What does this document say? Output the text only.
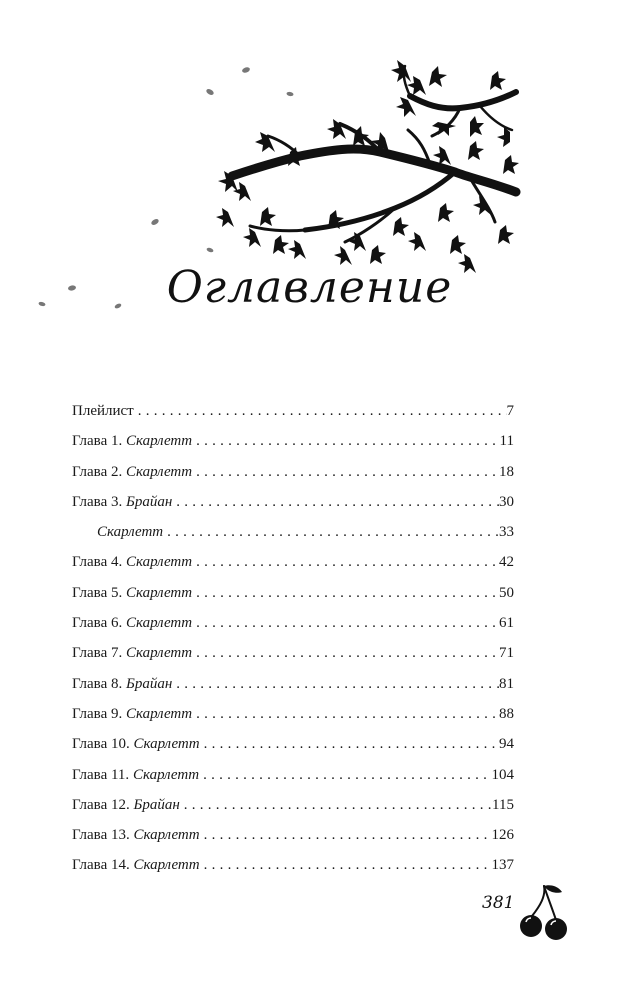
Оглавление
Плейлист . . .	7
Глава 1. Скарлетт . . .	11
Глава 2. Скарлетт . . .	18
Глава 3. Брайан . . .	30
Скарлетт . . .	33
Глава 4. Скарлетт . . .	42
Глава 5. Скарлетт . . .	50
Глава 6. Скарлетт . . .	61
Глава 7. Скарлетт . . .	71
Глава 8. Брайан . . .	81
Глава 9. Скарлетт . . .	88
Глава 10. Скарлетт . . .	94
Глава 11. Скарлетт . . .	104
Глава 12. Брайан . . .	115
Глава 13. Скарлетт . . .	126
Глава 14. Скарлетт . . .	137
381
